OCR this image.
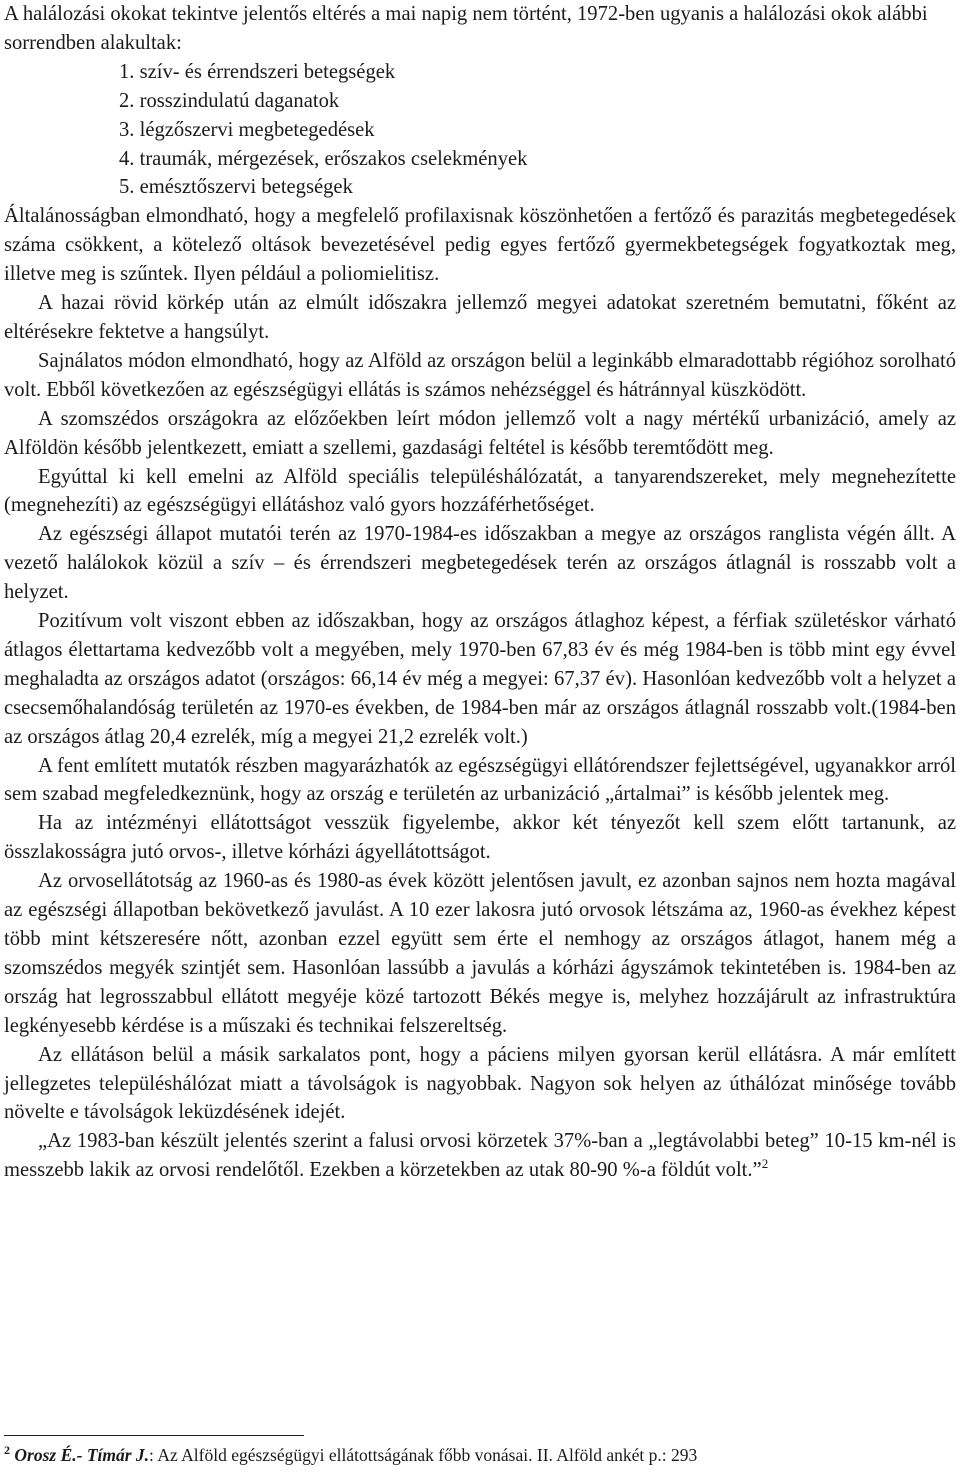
A halálozási okokat tekintve jelentős eltérés a mai napig nem történt, 1972-ben ugyanis a halálozási okok alábbi sorrendben alakultak:

1. szív- és érrendszeri betegségek
2. rosszindulatú daganatok
3. légzőszervi megbetegedések
4. traumák, mérgezések, erőszakos cselekmények
5. emésztőszervi betegségek

Általánosságban elmondható, hogy a megfelelő profilaxisnak köszönhetően a fertőző és parazitás megbetegedések száma csökkent, a kötelező oltások bevezetésével pedig egyes fertőző gyermekbetegségek fogyatkoztak meg, illetve meg is szűntek. Ilyen például a poliomielitisz.

A hazai rövid körkép után az elmúlt időszakra jellemző megyei adatokat szeretném bemutatni, főként az eltérésekre fektetve a hangsúlyt.

Sajnálatos módon elmondható, hogy az Alföld az országon belül a leginkább elmaradottabb régióhoz sorolható volt. Ebből következően az egészségügyi ellátás is számos nehézséggel és hátránnyal küszködött.

A szomszédos országokra az előzőekben leírt módon jellemző volt a nagy mértékű urbanizáció, amely az Alföldön később jelentkezett, emiatt a szellemi, gazdasági feltétel is később teremtődött meg.

Egyúttal ki kell emelni az Alföld speciális településhálózatát, a tanyarendszereket, mely megnehezítette (megnehezíti) az egészségügyi ellátáshoz való gyors hozzáférhetőséget.

Az egészségi állapot mutatói terén az 1970-1984-es időszakban a megye az országos ranglista végén állt. A vezető halálokok közül a szív – és érrendszeri megbetegedések terén az országos átlagnál is rosszabb volt a helyzet.

Pozitívum volt viszont ebben az időszakban, hogy az országos átlaghoz képest, a férfiak születéskor várható átlagos élettartama kedvezőbb volt a megyében, mely 1970-ben 67,83 év és még 1984-ben is több mint egy évvel meghaladta az országos adatot (országos: 66,14 év még a megyei: 67,37 év). Hasonlóan kedvezőbb volt a helyzet a csecsemőhalandóság területén az 1970-es években, de 1984-ben már az országos átlagnál rosszabb volt.(1984-ben az országos átlag 20,4 ezrelék, míg a megyei 21,2 ezrelék volt.)

A fent említett mutatók részben magyarázhatók az egészségügyi ellátórendszer fejlettségével, ugyanakkor arról sem szabad megfeledkeznünk, hogy az ország e területén az urbanizáció „ártalmai” is később jelentek meg.

Ha az intézményi ellátottságot vesszük figyelembe, akkor két tényezőt kell szem előtt tartanunk, az összlakosságra jutó orvos-, illetve kórházi ágyellátottságot.

Az orvosellátotság az 1960-as és 1980-as évek között jelentősen javult, ez azonban sajnos nem hozta magával az egészségi állapotban bekövetkező javulást. A 10 ezer lakosra jutó orvosok létszáma az, 1960-as évekhez képest több mint kétszeresére nőtt, azonban ezzel együtt sem érte el nemhogy az országos átlagot, hanem még a szomszédos megyék szintjét sem. Hasonlóan lassúbb a javulás a kórházi ágyszámok tekintetében is. 1984-ben az ország hat legrosszabbul ellátott megyéje közé tartozott Békés megye is, melyhez hozzájárult az infrastruktúra legkényesebb kérdése is a műszaki és technikai felszereltség.

Az ellátáson belül a másik sarkalatos pont, hogy a páciens milyen gyorsan kerül ellátásra. A már említett jellegzetes településhálózat miatt a távolságok is nagyobbak. Nagyon sok helyen az úthálózat minősége tovább növelte e távolságok leküzdésének idejét.

„Az 1983-ban készült jelentés szerint a falusi orvosi körzetek 37%-ban a „legtávolabbi beteg” 10-15 km-nél is messzebb lakik az orvosi rendelőtől. Ezekben a körzetekben az utak 80-90 %-a földút volt.”$^2$

$^2$ Orosz É.- Tímár J.: Az Alföld egészségügyi ellátottságának főbb vonásai. II. Alföld ankét p.: 293
